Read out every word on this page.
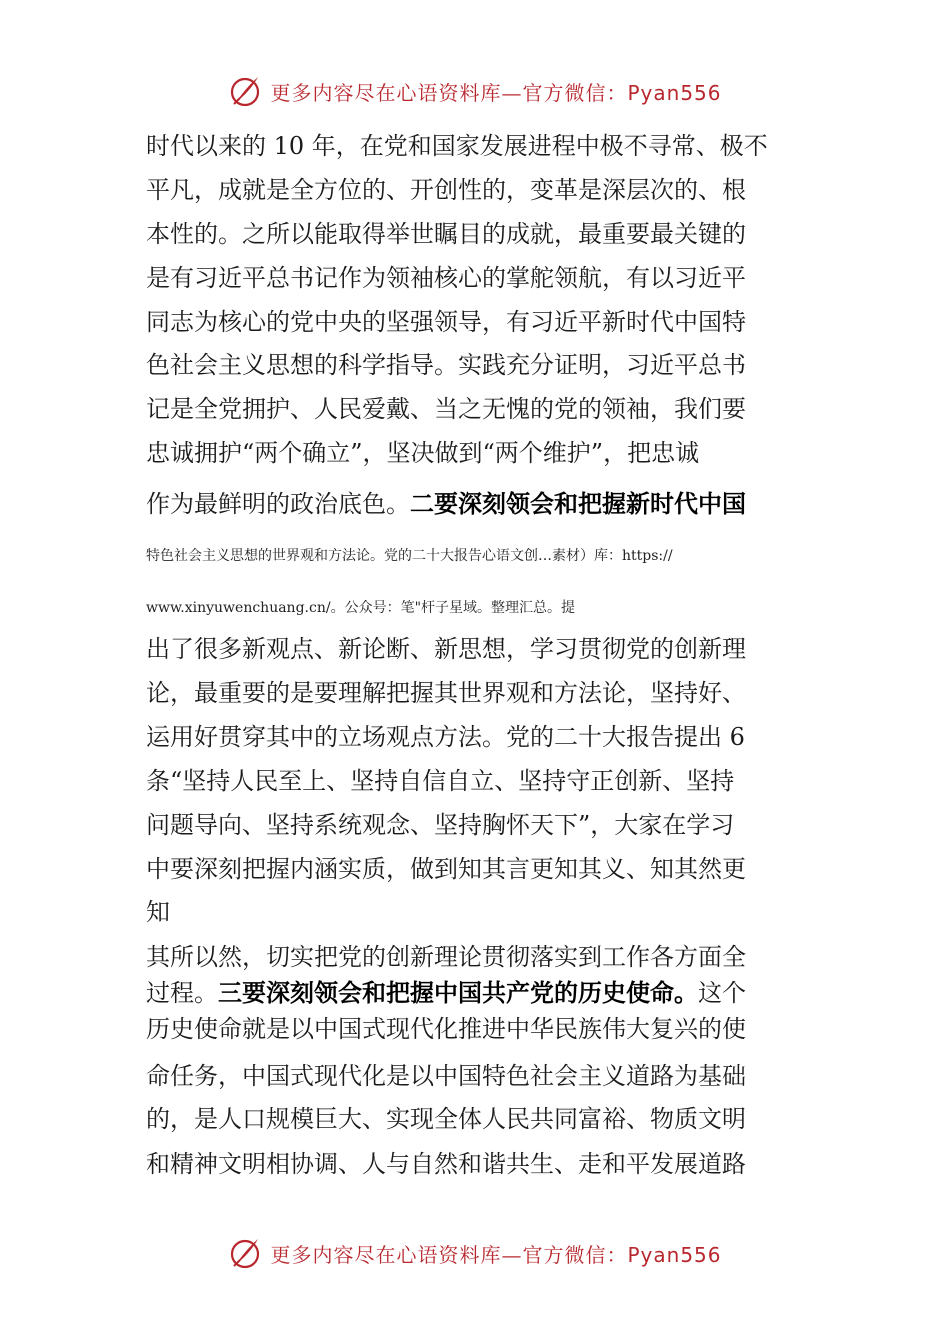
更多内容尽在心语资料库—官方微信：Pyan556
时代以来的 10 年，在党和国家发展进程中极不寻常、极不
平凡，成就是全方位的、开创性的，变革是深层次的、根
本性的。之所以能取得举世瞩目的成就，最重要最关键的
是有习近平总书记作为领袖核心的掌舵领航，有以习近平
同志为核心的党中央的坚强领导，有习近平新时代中国特
色社会主义思想的科学指导。实践充分证明，习近平总书
记是全党拥护、人民爱戴、当之无愧的党的领袖，我们要
忠诚拥护“两个确立”，坚决做到“两个维护”，把忠诚
作为最鲜明的政治底色。二要深刻领会和把握新时代中国
特色社会主义思想的世界观和方法论。党的二十大报告心语文创…素材）库：https://
www.xinyuwenchuang.cn/。公众号：笔"杆子星域。整理汇总。提
出了很多新观点、新论断、新思想，学习贯彻党的创新理
论，最重要的是要理解把握其世界观和方法论，坚持好、
运用好贯穿其中的立场观点方法。党的二十大报告提出 6
条“坚持人民至上、坚持自信自立、坚持守正创新、坚持
问题导向、坚持系统观念、坚持胸怀天下”，大家在学习
中要深刻把握内涵实质，做到知其言更知其义、知其然更
知
其所以然，切实把党的创新理论贯彻落实到工作各方面全
过程。三要深刻领会和把握中国共产党的历史使命。这个
历史使命就是以中国式现代化推进中华民族伟大复兴的使
命任务，中国式现代化是以中国特色社会主义道路为基础
的，是人口规模巨大、实现全体人民共同富裕、物质文明
和精神文明相协调、人与自然和谐共生、走和平发展道路
更多内容尽在心语资料库—官方微信：Pyan556
